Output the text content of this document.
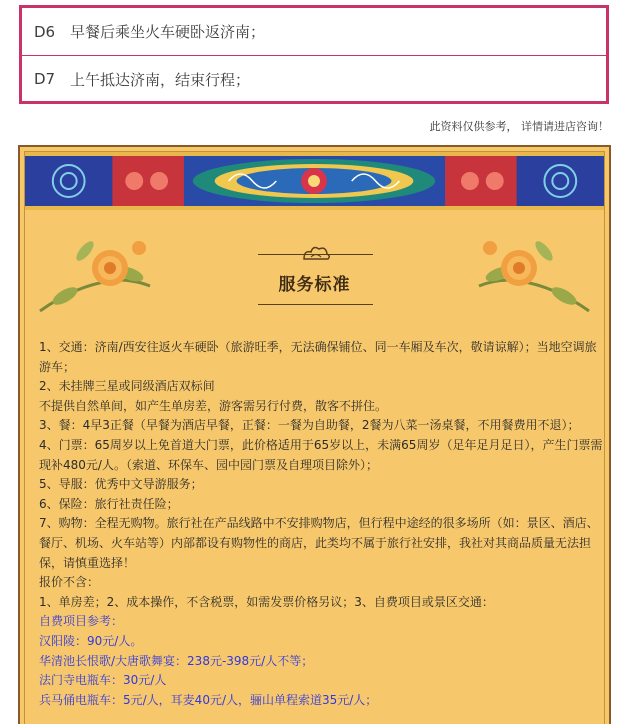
D6 早餐后乘坐火车硬卧返济南；
D7 上午抵达济南，结束行程；
此资料仅供参考， 详情请进店咨询！
服务标准

1、交通：济南/西安往返火车硬卧（旅游旺季，无法确保铺位、同一车厢及车次，敬请谅解）；当地空调旅游车；

2、未挂牌三星或同级酒店双标间

不提供自然单间，如产生单房差，游客需另行付费，散客不拼住。

3、餐：4早3正餐（早餐为酒店早餐，正餐：一餐为自助餐，2餐为八菜一汤桌餐，不用餐费用不退）；

4、门票：65周岁以上免首道大门票，此价格适用于65岁以上，未满65周岁（足年足月足日），产生门票需现补480元/人。（索道、环保车、园中园门票及自理项目除外）；

5、导服：优秀中文导游服务；

6、保险：旅行社责任险；

7、购物：全程无购物。旅行社在产品线路中不安排购物店，但行程中途经的很多场所（如：景区、酒店、餐厅、机场、火车站等）内部都设有购物性的商店，此类均不属于旅行社安排，我社对其商品质量无法担保，请慎重选择！

报价不含：

1、单房差；2、成本操作，不含税票，如需发票价格另议；3、自费项目或景区交通：

自费项目参考：

汉阳陵：90元/人。

华清池长恨歌/大唐歌舞宴：238元-398元/人不等；

法门寺电瓶车：30元/人

兵马俑电瓶车：5元/人，耳麦40元/人，骊山单程索道35元/人；
